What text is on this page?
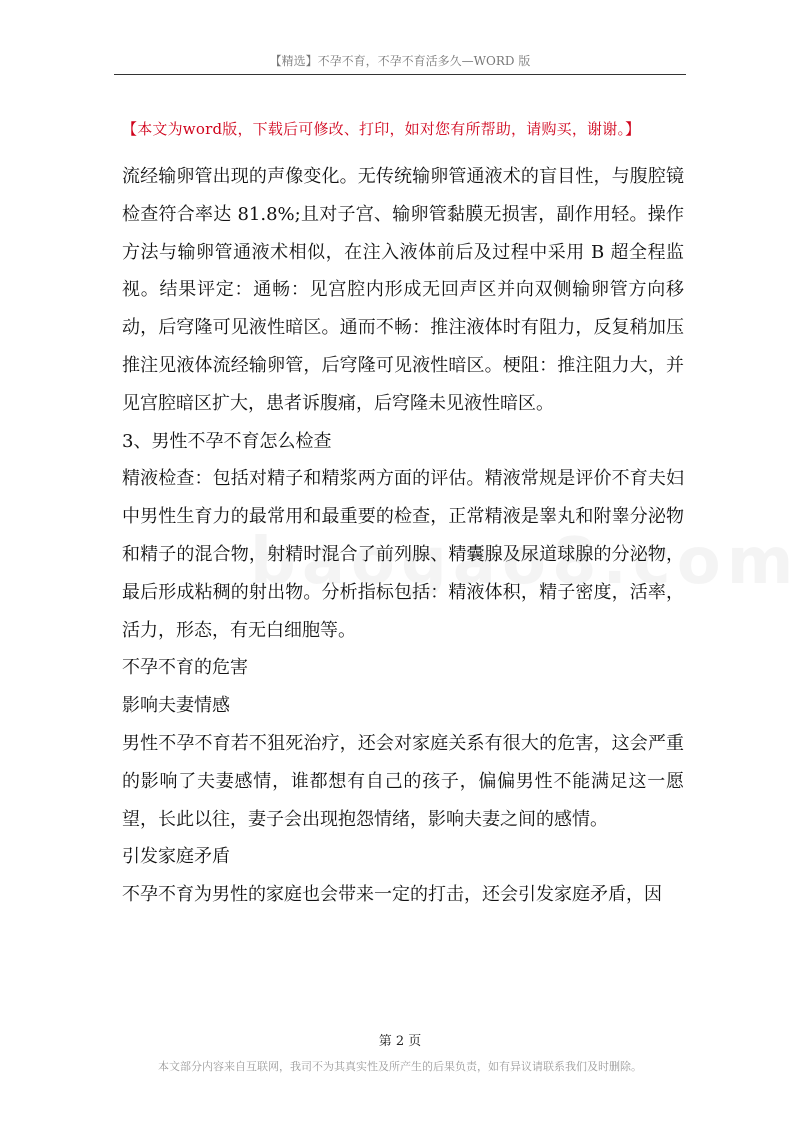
【精选】不孕不育，不孕不育活多久—WORD 版
【本文为word版，下载后可修改、打印，如对您有所帮助，请购买，谢谢。】

流经输卵管出现的声像变化。无传统输卵管通液术的盲目性，与腹腔镜检查符合率达 81.8%;且对子宫、输卵管黏膜无损害，副作用轻。操作方法与输卵管通液术相似，在注入液体前后及过程中采用 B 超全程监视。结果评定：通畅：见宫腔内形成无回声区并向双侧输卵管方向移动，后穹隆可见液性暗区。通而不畅：推注液体时有阻力，反复稍加压推注见液体流经输卵管，后穹隆可见液性暗区。梗阻：推注阻力大，并见宫腔暗区扩大，患者诉腹痛，后穹隆未见液性暗区。

3、男性不孕不育怎么检查

精液检查：包括对精子和精浆两方面的评估。精液常规是评价不育夫妇中男性生育力的最常用和最重要的检查，正常精液是睾丸和附睾分泌物和精子的混合物，射精时混合了前列腺、精囊腺及尿道球腺的分泌物，最后形成粘稠的射出物。分析指标包括：精液体积，精子密度，活率，活力，形态，有无白细胞等。

不孕不育的危害

影响夫妻情感

男性不孕不育若不狙死治疗，还会对家庭关系有很大的危害，这会严重的影响了夫妻感情，谁都想有自己的孩子，偏偏男性不能满足这一愿望，长此以往，妻子会出现抱怨情绪，影响夫妻之间的感情。

引发家庭矛盾

不孕不育为男性的家庭也会带来一定的打击，还会引发家庭矛盾，因

第 2 页
本文部分内容来自互联网，我司不为其真实性及所产生的后果负责，如有异议请联系我们及时删除。
